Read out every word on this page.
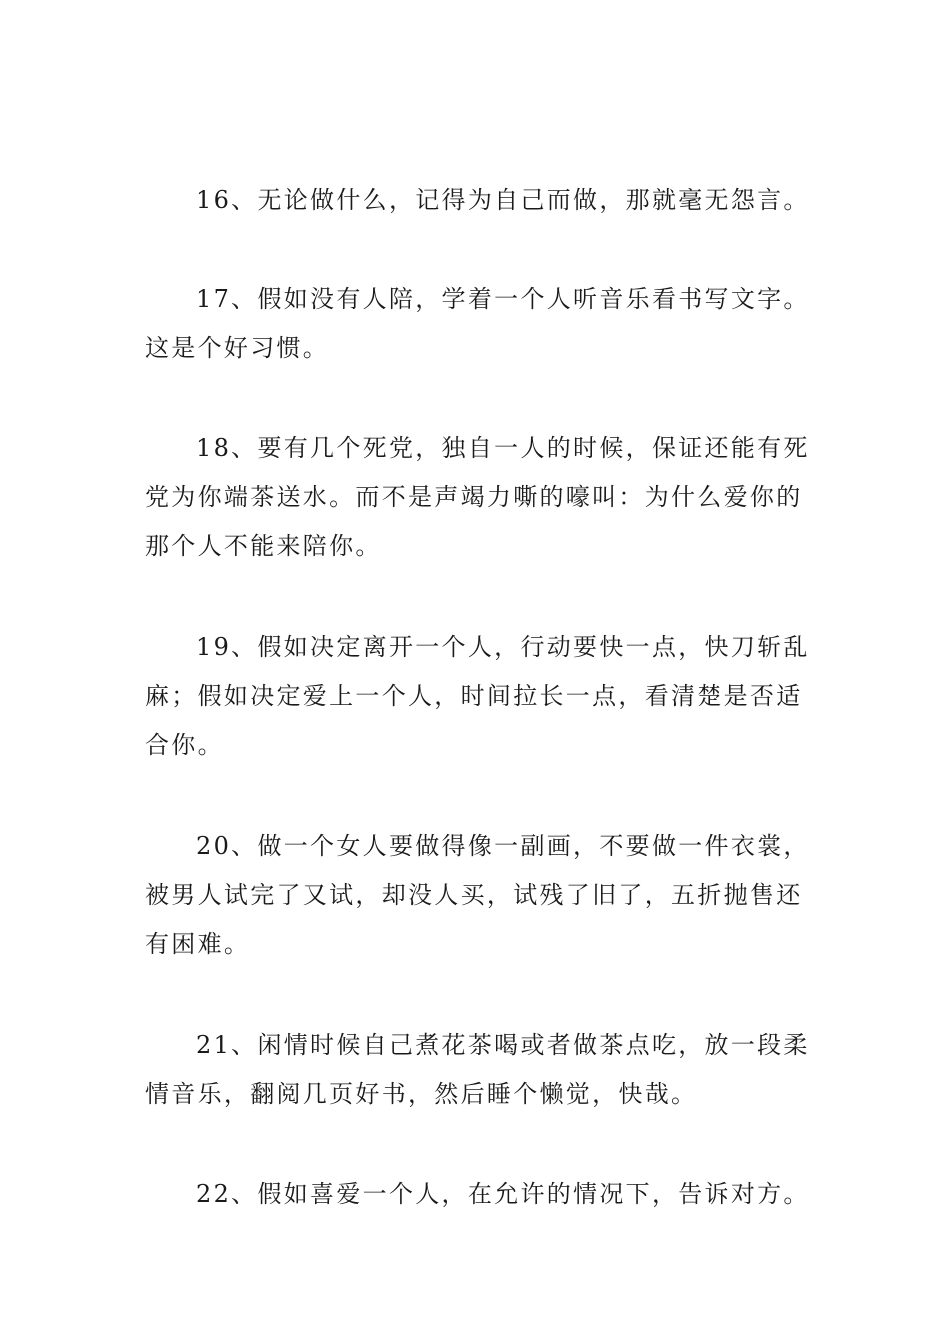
16、无论做什么，记得为自己而做，那就毫无怨言。

17、假如没有人陪，学着一个人听音乐看书写文字。这是个好习惯。

18、要有几个死党，独自一人的时候，保证还能有死党为你端茶送水。而不是声竭力嘶的嚎叫：为什么爱你的那个人不能来陪你。

19、假如决定离开一个人，行动要快一点，快刀斩乱麻；假如决定爱上一个人，时间拉长一点，看清楚是否适合你。

20、做一个女人要做得像一副画，不要做一件衣裳，被男人试完了又试，却没人买，试残了旧了，五折抛售还有困难。

21、闲情时候自己煮花茶喝或者做茶点吃，放一段柔情音乐，翻阅几页好书，然后睡个懒觉，快哉。

22、假如喜爱一个人，在允许的情况下，告诉对方。
